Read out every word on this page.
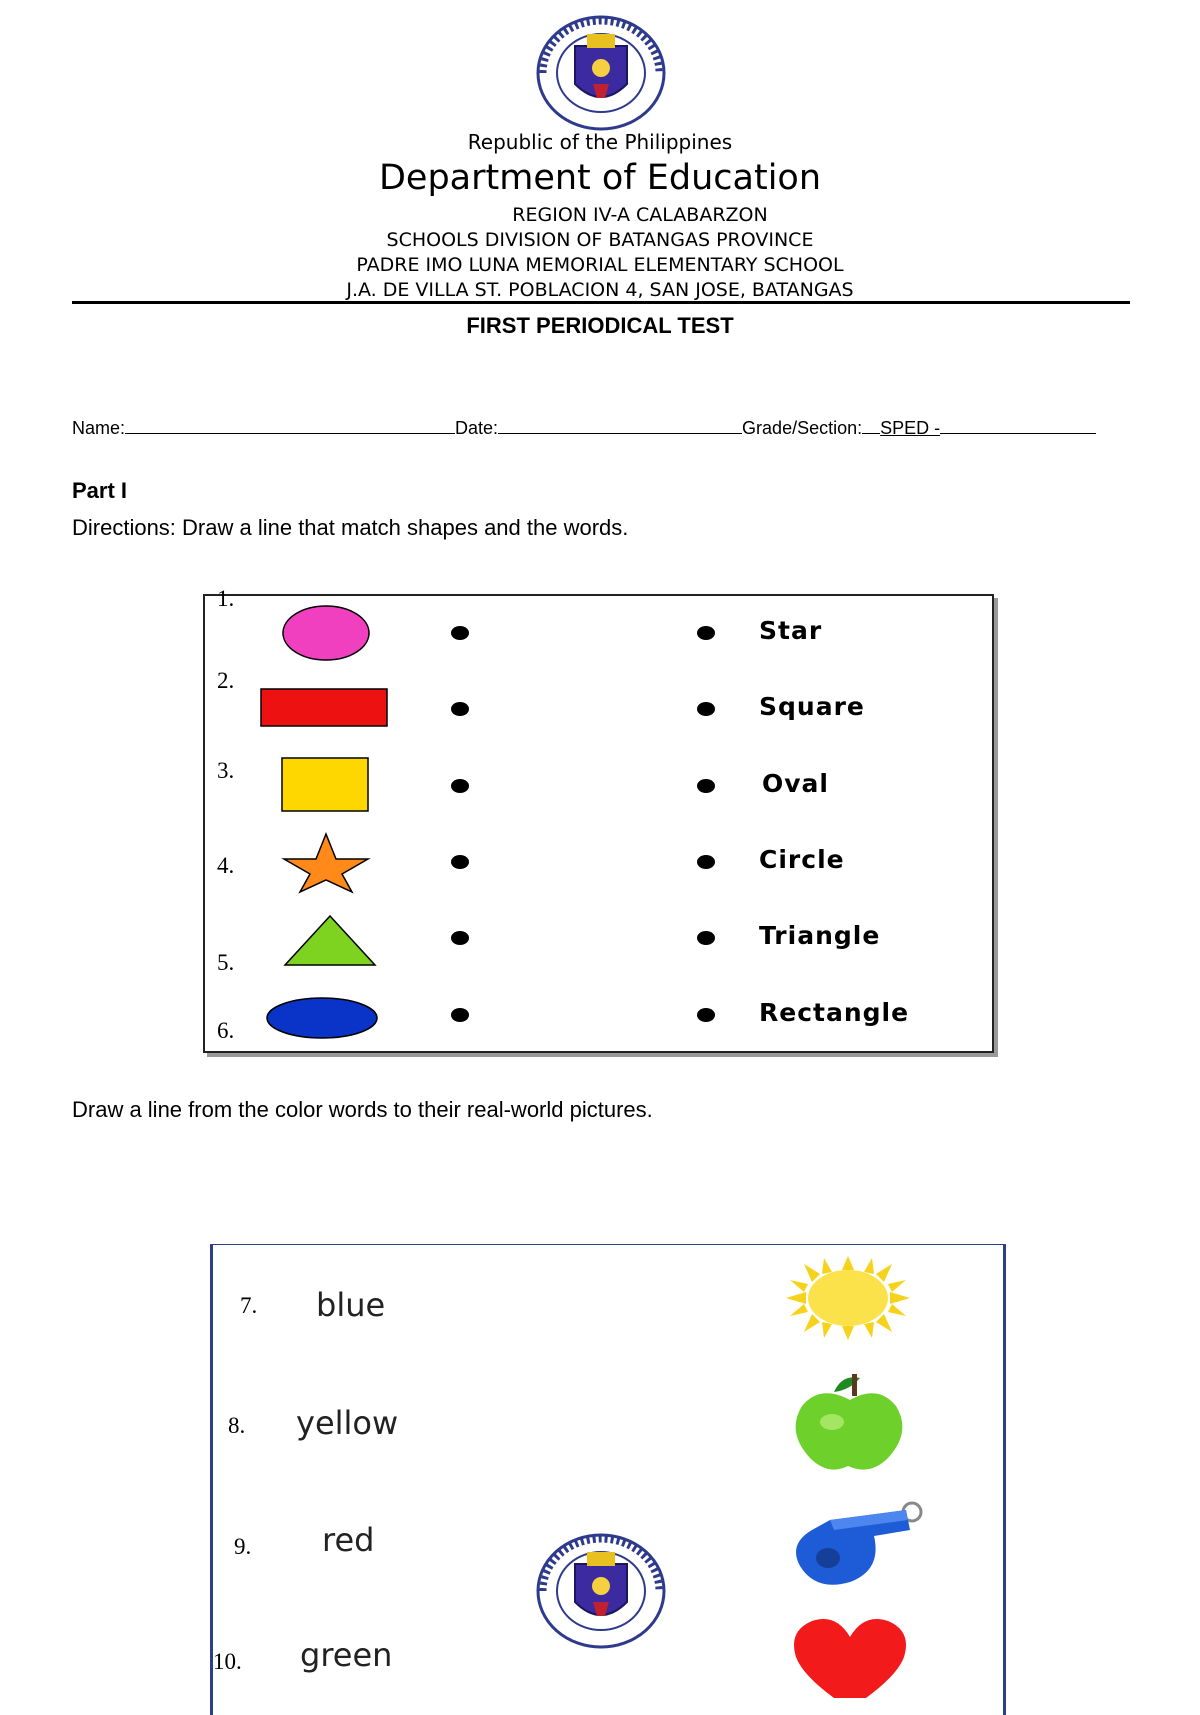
Republic of the Philippines
Department of Education
REGION IV-A CALABARZON
SCHOOLS DIVISION OF BATANGAS PROVINCE
PADRE IMO LUNA MEMORIAL ELEMENTARY SCHOOL
J.A. DE VILLA ST. POBLACION 4, SAN JOSE, BATANGAS
FIRST PERIODICAL TEST
Name:	Date:	Grade/Section: SPED -
Part I
Directions: Draw a line that match shapes and the words.
1.
2.
3.
4.
5.
6.
Star
Square
Oval
Circle
Triangle
Rectangle
Draw a line from the color words to their real-world pictures.
7.
8.
9.
10.
blue
yellow
red
green
